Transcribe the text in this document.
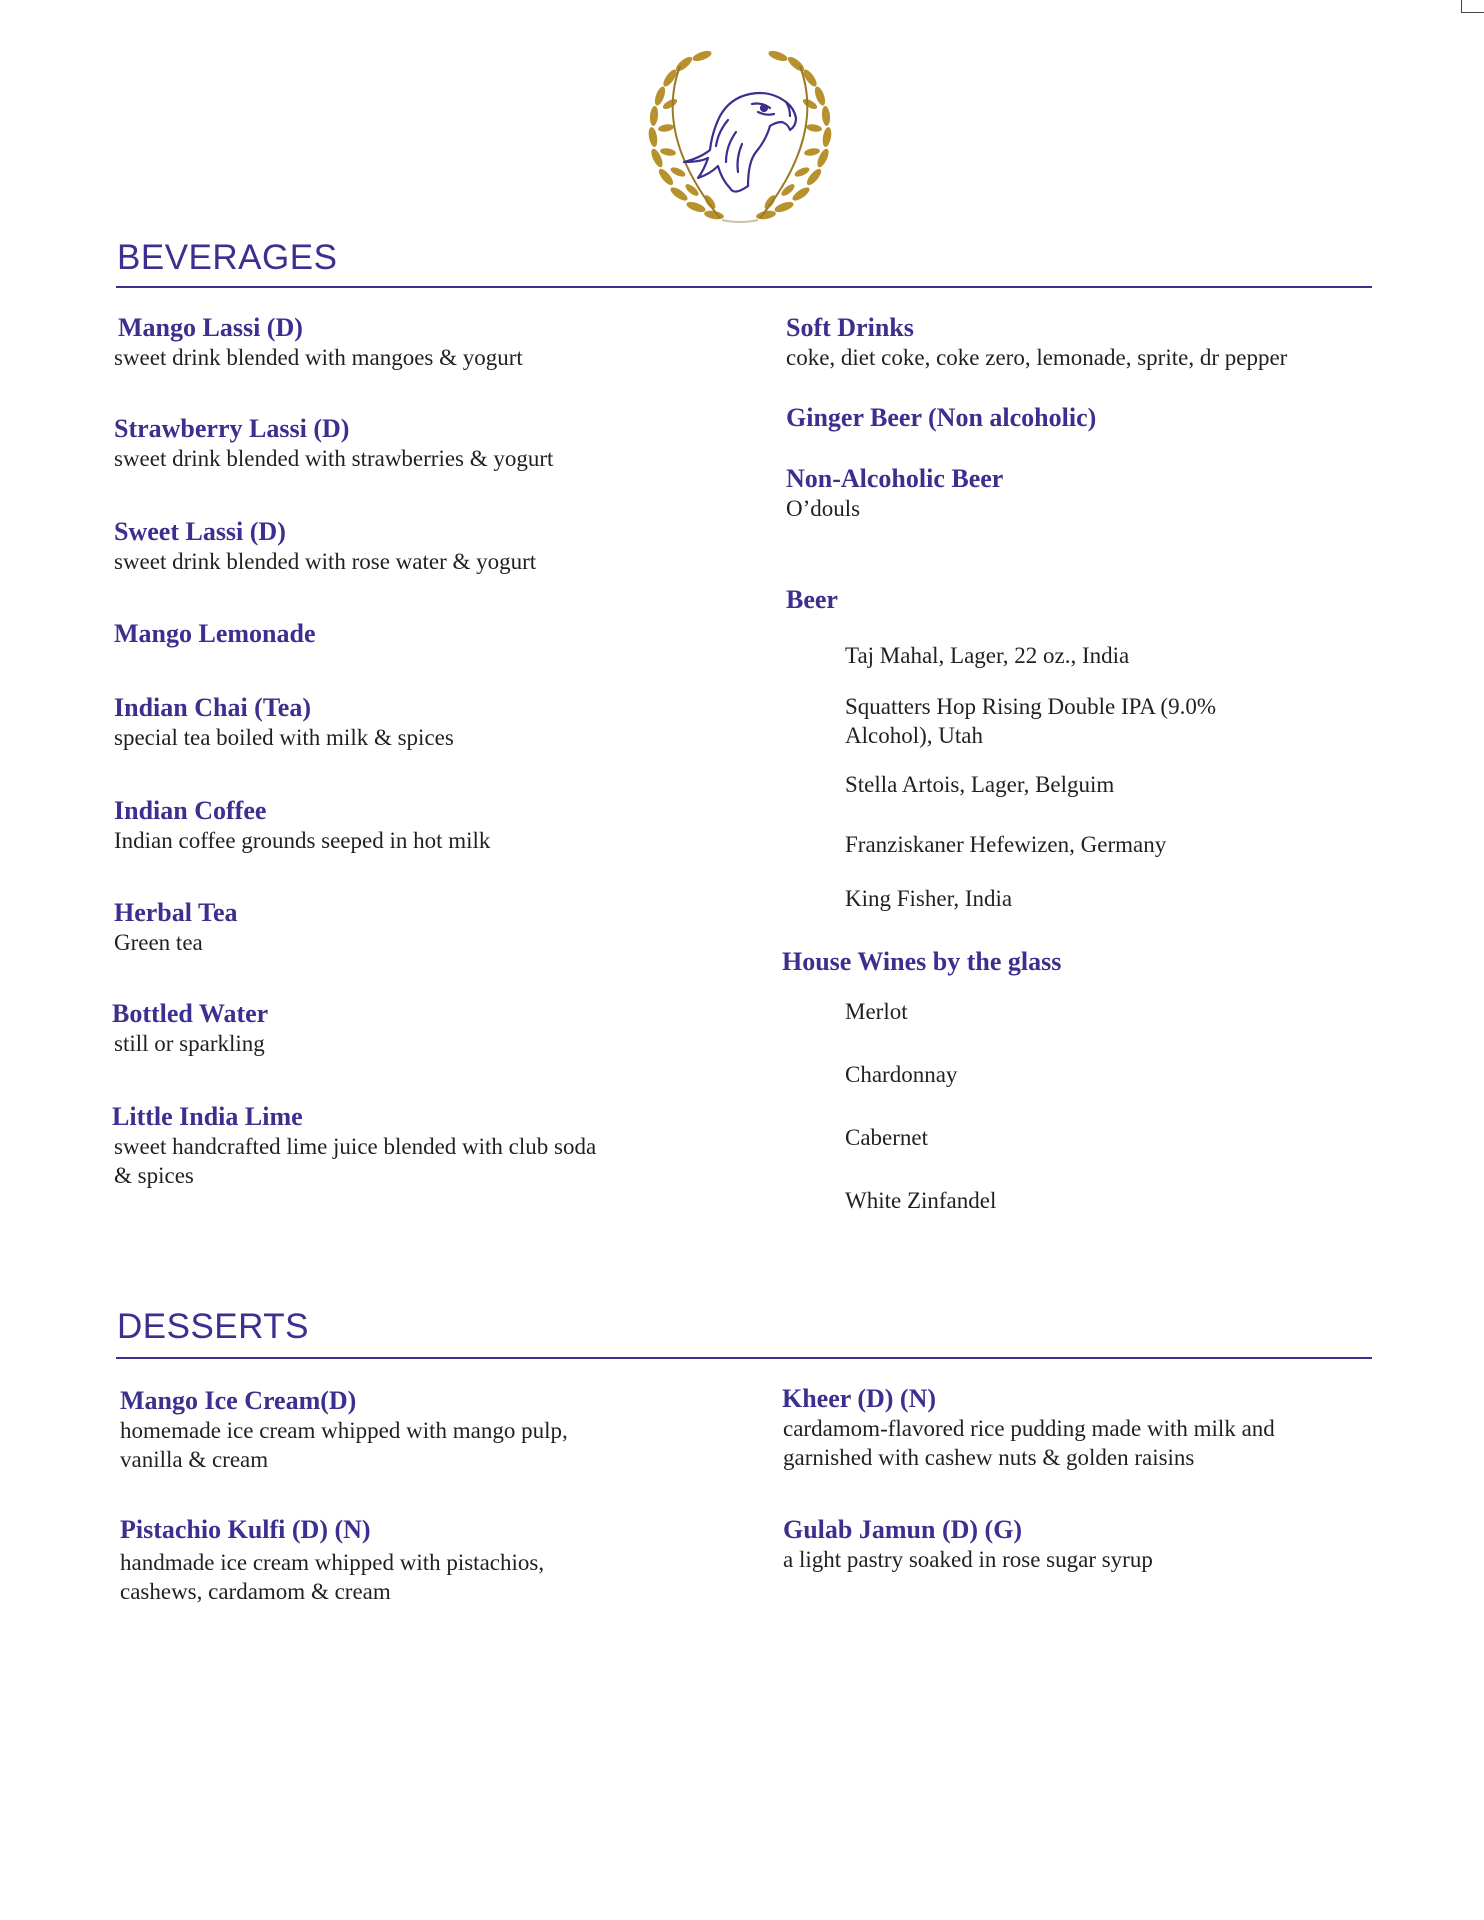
BEVERAGES
Mango Lassi (D)
sweet drink blended with mangoes & yogurt
Strawberry Lassi (D)
sweet drink blended with strawberries & yogurt
Sweet Lassi (D)
sweet drink blended with rose water & yogurt
Mango Lemonade
Indian Chai (Tea)
special tea boiled with milk & spices
Indian Coffee
Indian coffee grounds seeped in hot milk
Herbal Tea
Green tea
Bottled Water
still or sparkling
Little India Lime
sweet handcrafted lime juice blended with club soda & spices
Soft Drinks
coke, diet coke, coke zero, lemonade, sprite, dr pepper
Ginger Beer (Non alcoholic)
Non-Alcoholic Beer
O’douls
Beer
Taj Mahal, Lager, 22 oz., India
Squatters Hop Rising Double IPA (9.0% Alcohol), Utah
Stella Artois, Lager, Belguim
Franziskaner Hefewizen, Germany
King Fisher, India
House Wines by the glass
Merlot
Chardonnay
Cabernet
White Zinfandel
DESSERTS
Mango Ice Cream(D)
homemade ice cream whipped with mango pulp, vanilla & cream
Pistachio Kulfi (D) (N)
handmade ice cream whipped with pistachios, cashews, cardamom & cream
Kheer (D) (N)
cardamom-flavored rice pudding made with milk and garnished with cashew nuts & golden raisins
Gulab Jamun (D) (G)
a light pastry soaked in rose sugar syrup
